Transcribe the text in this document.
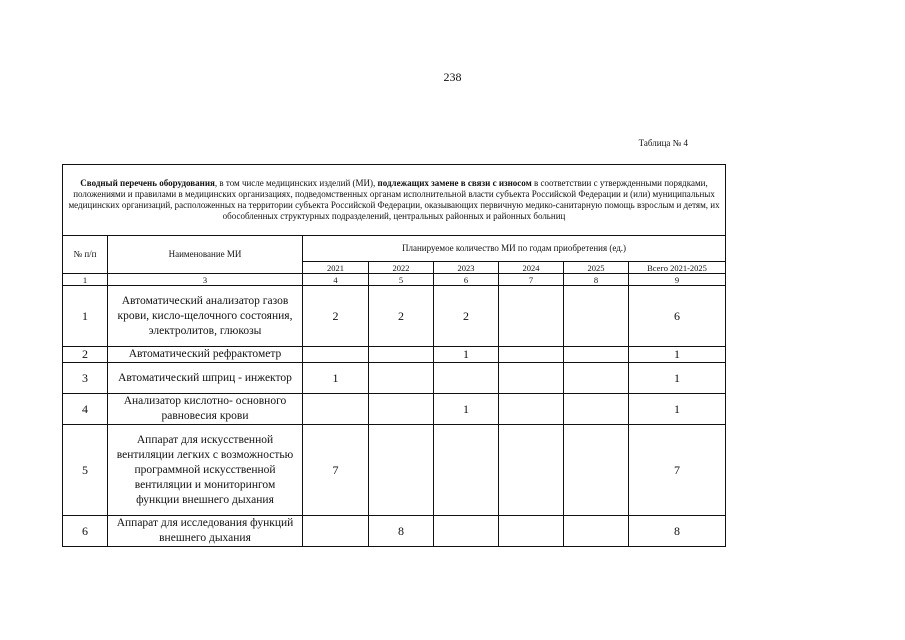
238
Таблица № 4
Сводный перечень оборудования, в том числе медицинских изделий (МИ), подлежащих замене в связи с износом в соответствии с утвержденными порядками, положениями и правилами в медицинских организациях, подведомственных органам исполнительной власти субъекта Российской Федерации и (или) муниципальных медицинских организаций, расположенных на территории субъекта Российской Федерации, оказывающих первичную медико-санитарную помощь взрослым и детям, их обособленных структурных подразделений, центральных районных и районных больниц							
№ п/п	Наименование МИ	Планируемое количество МИ по годам приобретения (ед.)					
		2021	2022	2023	2024	2025	Всего 2021-2025
1	3	4	5	6	7	8	9
1	Автоматический анализатор газов крови, кисло-щелочного состояния, электролитов, глюкозы	2	2	2			6
2	Автоматический рефрактометр			1			1
3	Автоматический шприц - инжектор	1					1
4	Анализатор кислотно- основного равновесия крови			1			1
5	Аппарат для искусственной вентиляции легких с возможностью программной искусственной вентиляции и мониторингом функции внешнего дыхания	7					7
6	Аппарат для исследования функций внешнего дыхания		8				8
